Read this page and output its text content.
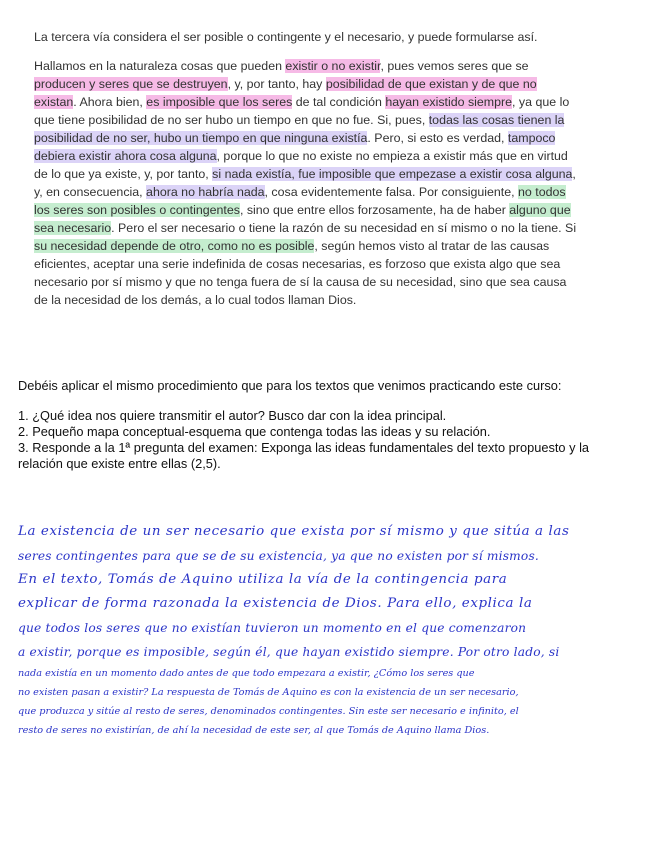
La tercera vía considera el ser posible o contingente y el necesario, y puede formularse así.

Hallamos en la naturaleza cosas que pueden existir o no existir, pues vemos seres que se producen y seres que se destruyen, y, por tanto, hay posibilidad de que existan y de que no existan. Ahora bien, es imposible que los seres de tal condición hayan existido siempre, ya que lo que tiene posibilidad de no ser hubo un tiempo en que no fue. Si, pues, todas las cosas tienen la posibilidad de no ser, hubo un tiempo en que ninguna existía. Pero, si esto es verdad, tampoco debiera existir ahora cosa alguna, porque lo que no existe no empieza a existir más que en virtud de lo que ya existe, y, por tanto, si nada existía, fue imposible que empezase a existir cosa alguna, y, en consecuencia, ahora no habría nada, cosa evidentemente falsa. Por consiguiente, no todos los seres son posibles o contingentes, sino que entre ellos forzosamente, ha de haber alguno que sea necesario. Pero el ser necesario o tiene la razón de su necesidad en sí mismo o no la tiene. Si su necesidad depende de otro, como no es posible, según hemos visto al tratar de las causas eficientes, aceptar una serie indefinida de cosas necesarias, es forzoso que exista algo que sea necesario por sí mismo y que no tenga fuera de sí la causa de su necesidad, sino que sea causa de la necesidad de los demás, a lo cual todos llaman Dios.

Debéis aplicar el mismo procedimiento que para los textos que venimos practicando este curso:

1. ¿Qué idea nos quiere transmitir el autor? Busco dar con la idea principal.
2. Pequeño mapa conceptual-esquema que contenga todas las ideas y su relación.
3. Responde a la 1ª pregunta del examen: Exponga las ideas fundamentales del texto propuesto y la relación que existe entre ellas (2,5).
La existencia de un ser necesario que exista por sí mismo y que sitúa a las
seres contingentes para que se de su existencia, ya que no existen por sí mismos.
En el texto, Tomás de Aquino utiliza la vía de la contingencia para
explicar de forma razonada la existencia de Dios. Para ello, explica la
que todos los seres que no existían tuvieron un momento en el que comenzaron
a existir, porque es imposible, según él, que hayan existido siempre. Por otro lado, si
nada existía en un momento dado antes de que todo empezara a existir, ¿Cómo los seres que
no existen pasan a existir? La respuesta de Tomás de Aquino es con la existencia de un ser necesario,
que produzca y sitúe al resto de seres, denominados contingentes. Sin este ser necesario e infinito, el
resto de seres no existirían, de ahí la necesidad de este ser, al que Tomás de Aquino llama Dios.
